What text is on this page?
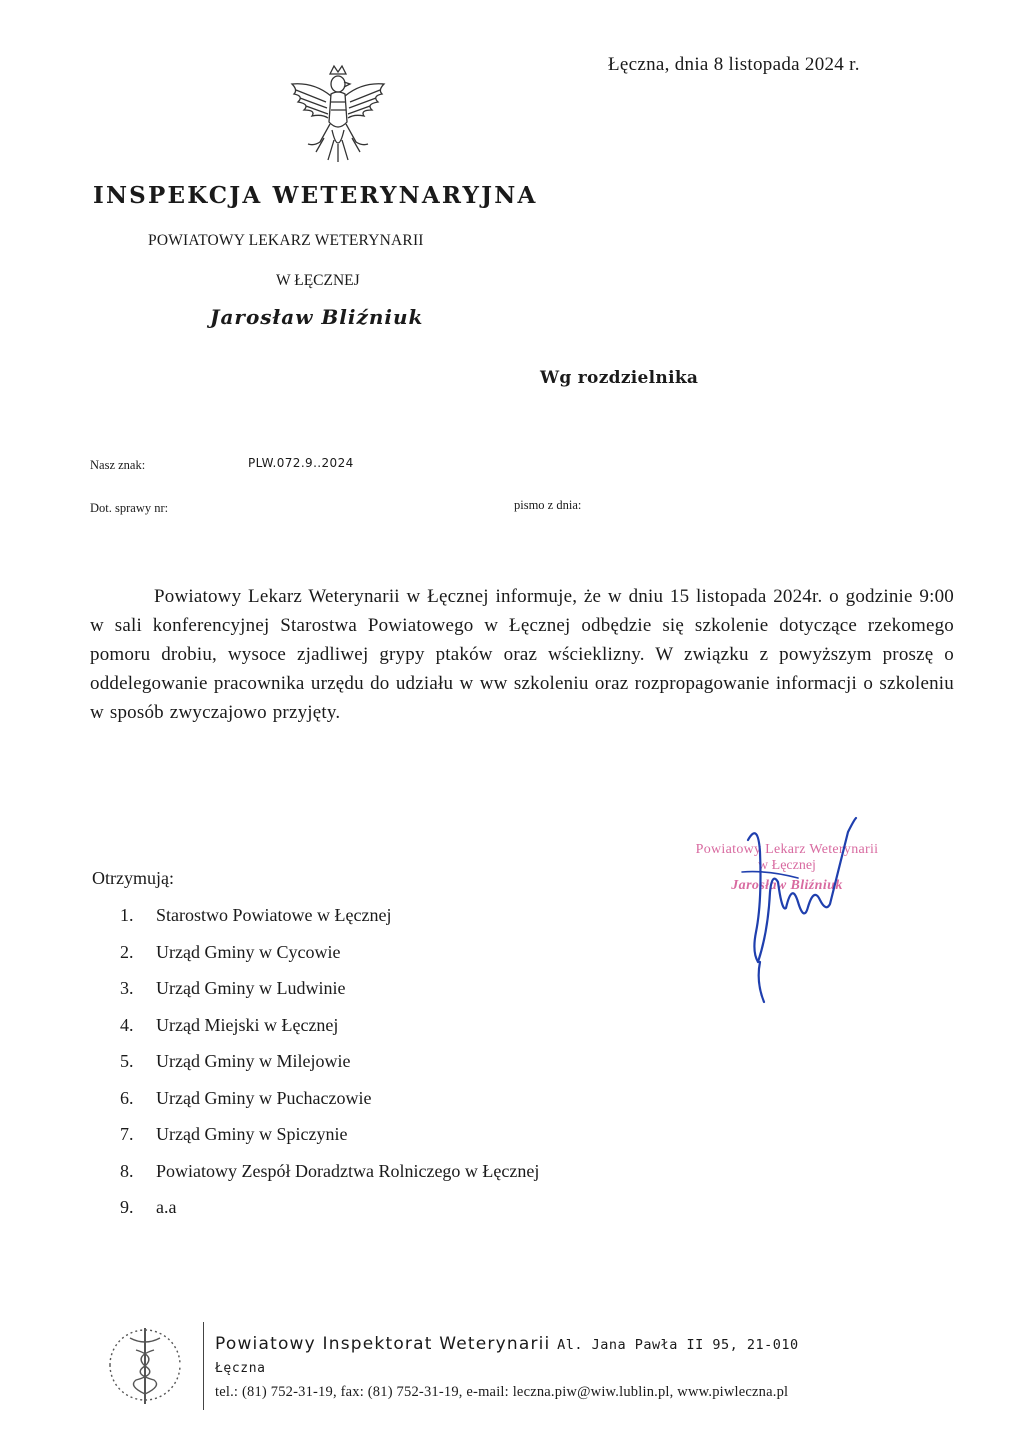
Łęczna, dnia 8 listopada 2024 r.
INSPEKCJA WETERYNARYJNA
POWIATOWY LEKARZ WETERYNARII
W ŁĘCZNEJ
Jarosław Bliźniuk
Wg rozdzielnika
Nasz znak:	PLW.072.9..2024
Dot. sprawy nr:	pismo z dnia:
Powiatowy Lekarz Weterynarii w Łęcznej informuje, że w dniu 15 listopada 2024r. o godzinie 9:00 w sali konferencyjnej Starostwa Powiatowego w Łęcznej odbędzie się szkolenie dotyczące rzekomego pomoru drobiu, wysoce zjadliwej grypy ptaków oraz wścieklizny. W związku z powyższym proszę o oddelegowanie pracownika urzędu do udziału w ww szkoleniu oraz rozpropagowanie informacji o szkoleniu w sposób zwyczajowo przyjęty.
Otrzymują:
1. Starostwo Powiatowe w Łęcznej
2. Urząd Gminy w Cycowie
3. Urząd Gminy w Ludwinie
4. Urząd Miejski w Łęcznej
5. Urząd Gminy w Milejowie
6. Urząd Gminy w Puchaczowie
7. Urząd Gminy w Spiczynie
8. Powiatowy Zespół Doradztwa Rolniczego w Łęcznej
9. a.a
Powiatowy Lekarz Weterynarii
w Łęcznej
Jarosław Bliźniuk
Powiatowy Inspektorat Weterynarii Al. Jana Pawła II 95, 21-010
Łęczna
tel.: (81) 752-31-19, fax: (81) 752-31-19, e-mail: leczna.piw@wiw.lublin.pl, www.piwleczna.pl
